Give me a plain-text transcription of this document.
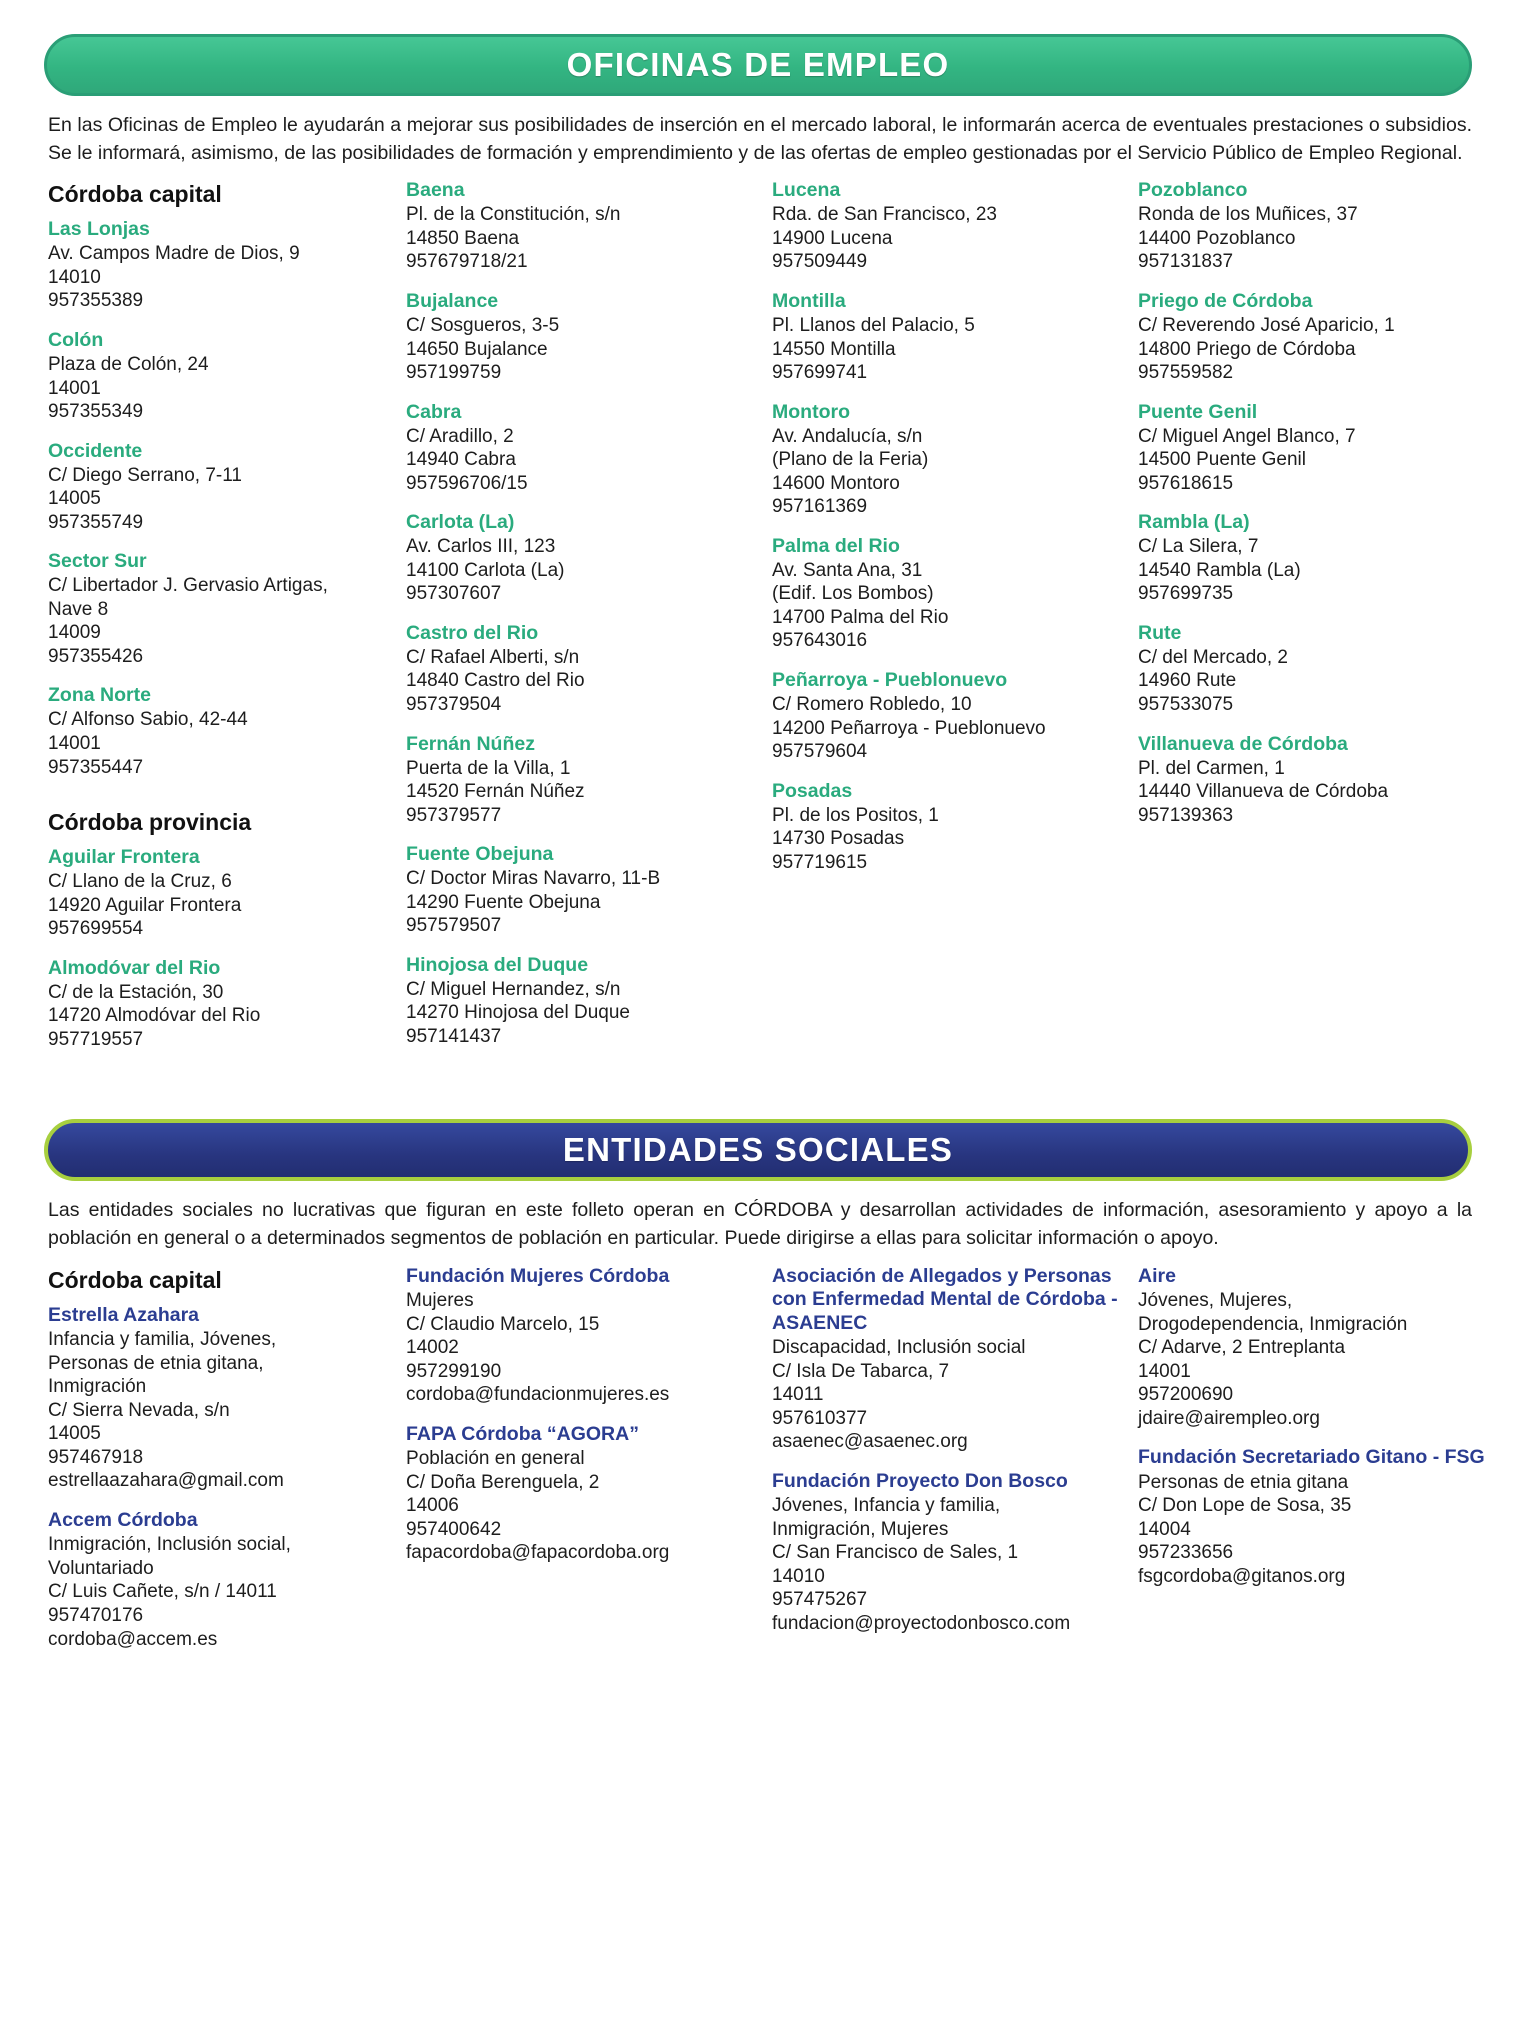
OFICINAS DE EMPLEO

En las Oficinas de Empleo le ayudarán a mejorar sus posibilidades de inserción en el mercado laboral, le informarán acerca de eventuales prestaciones o subsidios. Se le informará, asimismo, de las posibilidades de formación y emprendimiento y de las ofertas de empleo gestionadas por el Servicio Público de Empleo Regional.

Córdoba capital
Las Lonjas
Av. Campos Madre de Dios, 9
14010
957355389
Colón
Plaza de Colón, 24
14001
957355349
Occidente
C/ Diego Serrano, 7-11
14005
957355749
Sector Sur
C/ Libertador J. Gervasio Artigas,
Nave 8
14009
957355426
Zona Norte
C/ Alfonso Sabio, 42-44
14001
957355447
Córdoba provincia
Aguilar Frontera
C/ Llano de la Cruz, 6
14920 Aguilar Frontera
957699554
Almodóvar del Rio
C/ de la Estación, 30
14720 Almodóvar del Rio
957719557
Baena
Pl. de la Constitución, s/n
14850 Baena
957679718/21
Bujalance
C/ Sosgueros, 3-5
14650 Bujalance
957199759
Cabra
C/ Aradillo, 2
14940 Cabra
957596706/15
Carlota (La)
Av. Carlos III, 123
14100 Carlota (La)
957307607
Castro del Rio
C/ Rafael Alberti, s/n
14840 Castro del Rio
957379504
Fernán Núñez
Puerta de la Villa, 1
14520 Fernán Núñez
957379577
Fuente Obejuna
C/ Doctor Miras Navarro, 11-B
14290 Fuente Obejuna
957579507
Hinojosa del Duque
C/ Miguel Hernandez, s/n
14270 Hinojosa del Duque
957141437
Lucena
Rda. de San Francisco, 23
14900 Lucena
957509449
Montilla
Pl. Llanos del Palacio, 5
14550 Montilla
957699741
Montoro
Av. Andalucía, s/n
(Plano de la Feria)
14600 Montoro
957161369
Palma del Rio
Av. Santa Ana, 31
(Edif. Los Bombos)
14700 Palma del Rio
957643016
Peñarroya - Pueblonuevo
C/ Romero Robledo, 10
14200 Peñarroya - Pueblonuevo
957579604
Posadas
Pl. de los Positos, 1
14730 Posadas
957719615
Pozoblanco
Ronda de los Muñices, 37
14400 Pozoblanco
957131837
Priego de Córdoba
C/ Reverendo José Aparicio, 1
14800 Priego de Córdoba
957559582
Puente Genil
C/ Miguel Angel Blanco, 7
14500 Puente Genil
957618615
Rambla (La)
C/ La Silera, 7
14540 Rambla (La)
957699735
Rute
C/ del Mercado, 2
14960 Rute
957533075
Villanueva de Córdoba
Pl. del Carmen, 1
14440 Villanueva de Córdoba
957139363
ENTIDADES SOCIALES

Las entidades sociales no lucrativas que figuran en este folleto operan en CÓRDOBA y desarrollan actividades de información, asesoramiento y apoyo a la población en general o a determinados segmentos de población en particular. Puede dirigirse a ellas para solicitar información o apoyo.

Córdoba capital
Estrella Azahara
Infancia y familia, Jóvenes,
Personas de etnia gitana,
Inmigración
C/ Sierra Nevada, s/n
14005
957467918
estrellaazahara@gmail.com
Accem Córdoba
Inmigración, Inclusión social,
Voluntariado
C/ Luis Cañete, s/n / 14011
957470176
cordoba@accem.es
Fundación Mujeres Córdoba
Mujeres
C/ Claudio Marcelo, 15
14002
957299190
cordoba@fundacionmujeres.es
FAPA Córdoba “AGORA”
Población en general
C/ Doña Berenguela, 2
14006
957400642
fapacordoba@fapacordoba.org
Asociación de Allegados y Personas con Enfermedad Mental de Córdoba - ASAENEC
Discapacidad, Inclusión social
C/ Isla De Tabarca, 7
14011
957610377
asaenec@asaenec.org
Fundación Proyecto Don Bosco
Jóvenes, Infancia y familia,
Inmigración, Mujeres
C/ San Francisco de Sales, 1
14010
957475267
fundacion@proyectodonbosco.com
Aire
Jóvenes, Mujeres,
Drogodependencia, Inmigración
C/ Adarve, 2 Entreplanta
14001
957200690
jdaire@airempleo.org
Fundación Secretariado Gitano - FSG
Personas de etnia gitana
C/ Don Lope de Sosa, 35
14004
957233656
fsgcordoba@gitanos.org
